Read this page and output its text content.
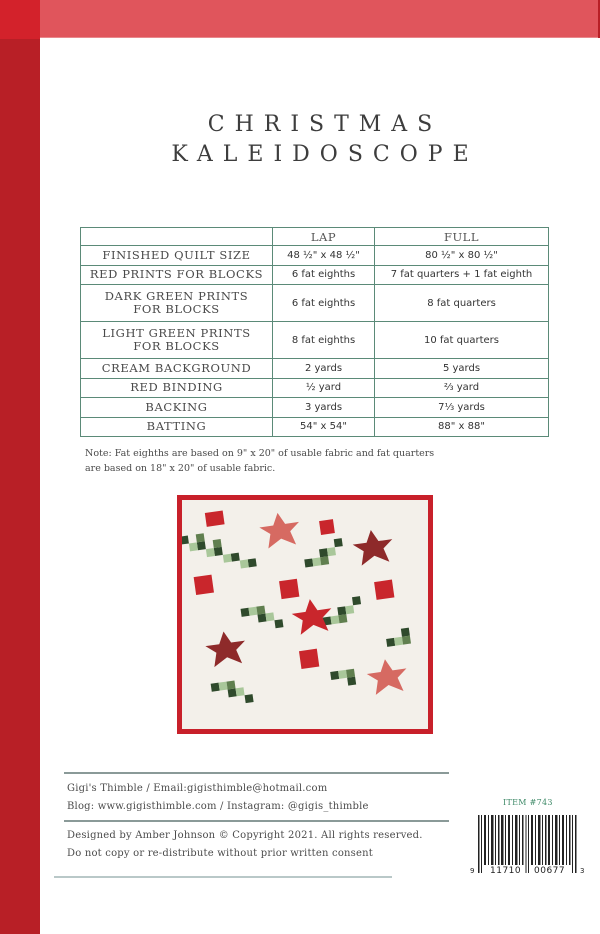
CHRISTMAS
KALEIDOSCOPE
	LAP	FULL
FINISHED QUILT SIZE	48 ½" x 48 ½"	80 ½" x 80 ½"
RED PRINTS FOR BLOCKS	6 fat eighths	7 fat quarters + 1 fat eighth

DARK GREEN PRINTS
FOR BLOCKS	6 fat eighths	8 fat quarters

LIGHT GREEN PRINTS
FOR BLOCKS	8 fat eighths	10 fat quarters
CREAM BACKGROUND	2 yards	5 yards
RED BINDING	½ yard	⅔ yard
BACKING	3 yards	7⅓ yards
BATTING	54" x 54"	88" x 88"
Note: Fat eighths are based on 9" x 20" of usable fabric and fat quarters
are based on 18" x 20" of usable fabric.
Gigi's Thimble / Email:gigisthimble@hotmail.com
Blog: www.gigisthimble.com / Instagram: @gigis_thimble
Designed by Amber Johnson © Copyright 2021. All rights reserved.
Do not copy or re-distribute without prior written consent
ITEM #743
9 11710 00677 3
